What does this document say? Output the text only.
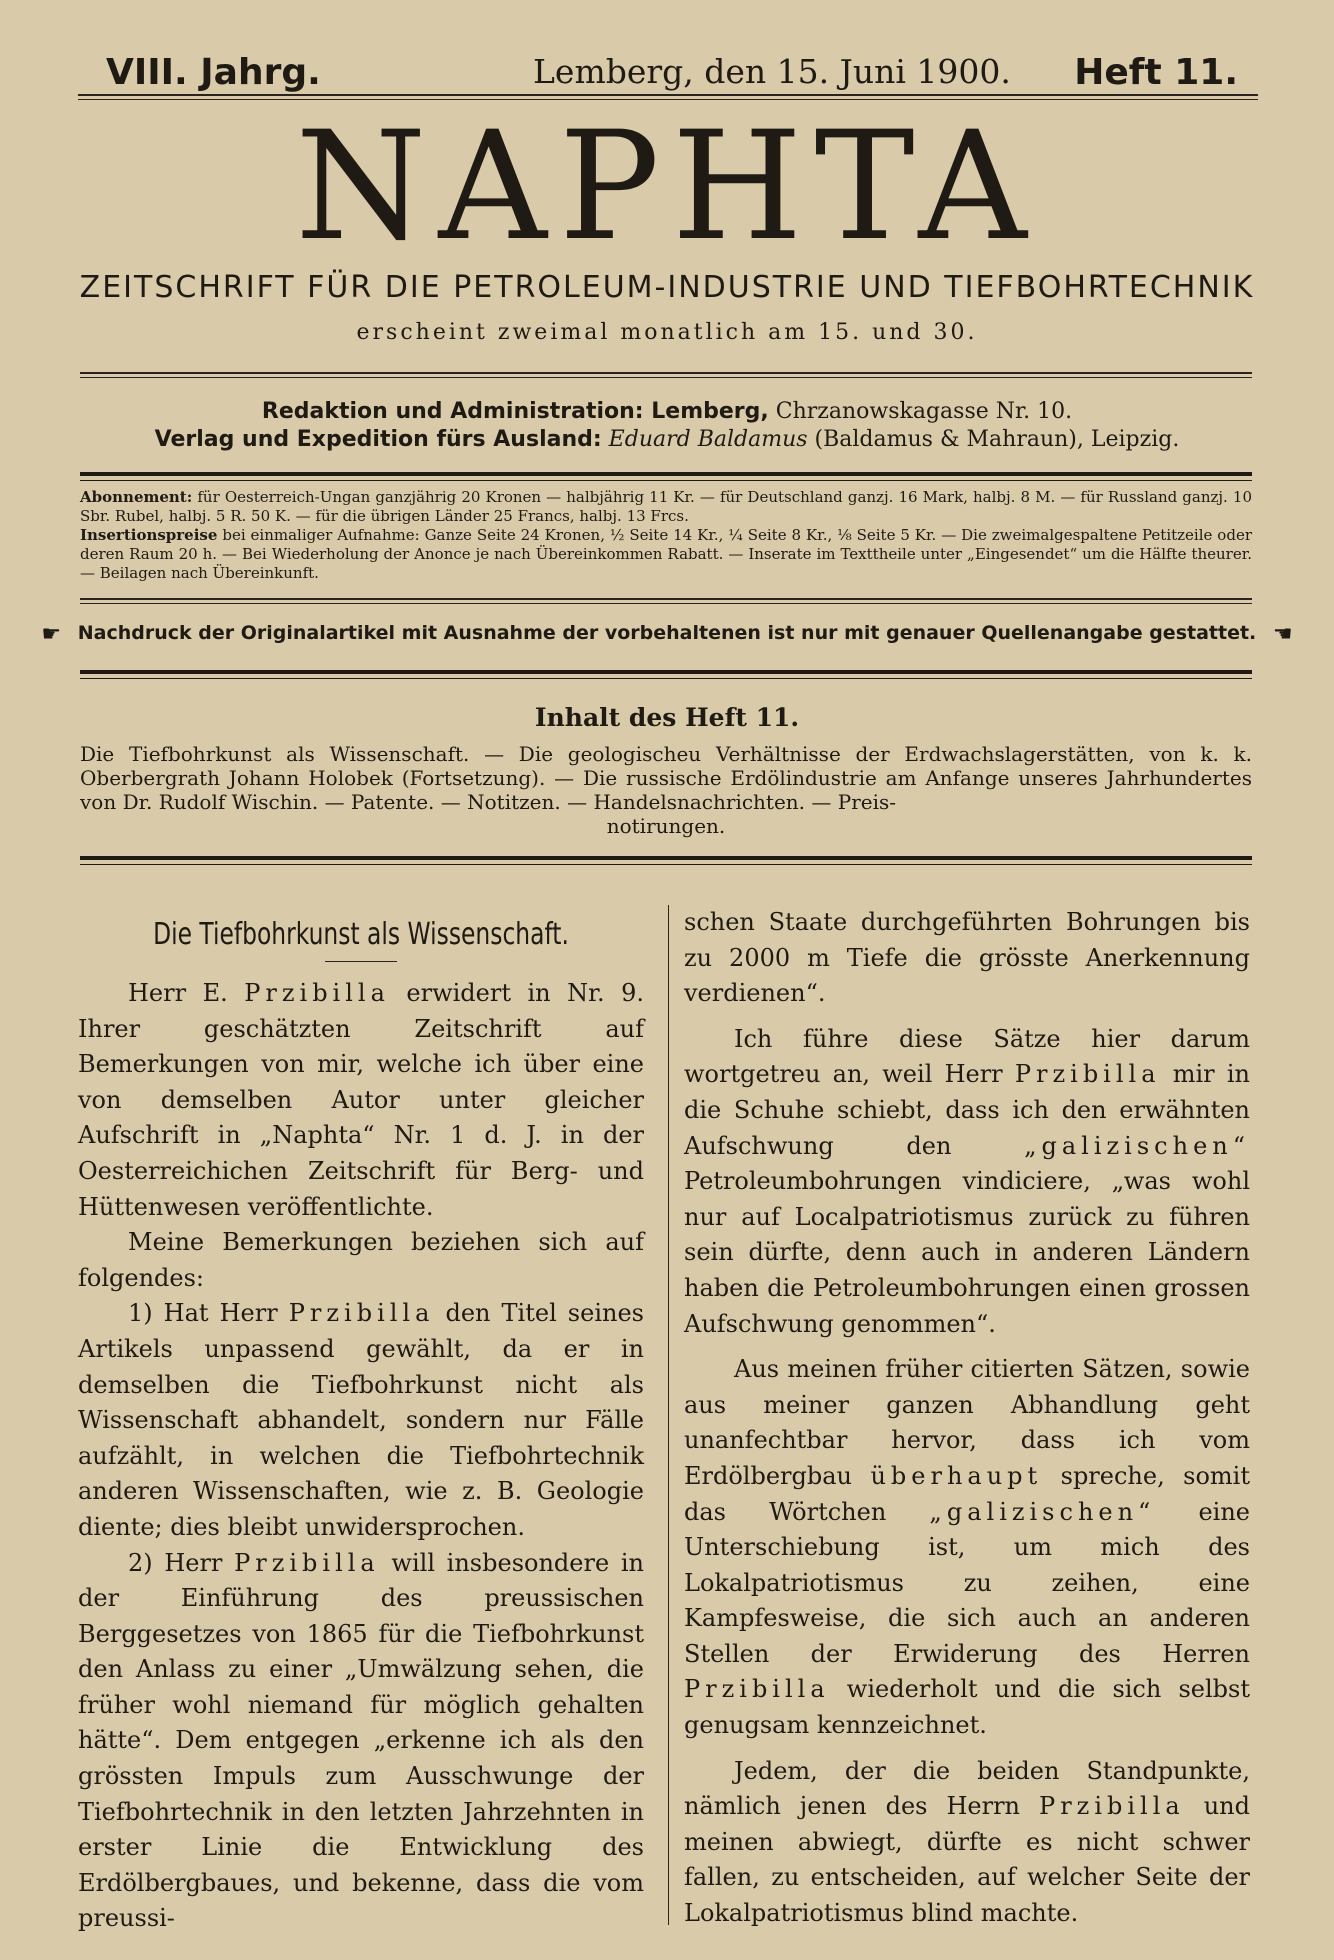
VIII. Jahrg.	Lemberg, den 15. Juni 1900. Heft 11.
NAPHTA
ZEITSCHRIFT FÜR DIE PETROLEUM-INDUSTRIE UND TIEFBOHRTECHNIK
erscheint zweimal monatlich am 15. und 30.
Redaktion und Administration: Lemberg, Chrzanowskagasse Nr. 10.
Verlag und Expedition fürs Ausland: Eduard Baldamus (Baldamus & Mahraun), Leipzig.
Abonnement: für Oesterreich-Ungan ganzjährig 20 Kronen — halbjährig 11 Kr. — für Deutschland ganzj. 16 Mark, halbj. 8 M. — für Russland ganzj. 10 Sbr. Rubel, halbj. 5 R. 50 K. — für die übrigen Länder 25 Francs, halbj. 13 Frcs.
Insertionspreise bei einmaliger Aufnahme: Ganze Seite 24 Kronen, ½ Seite 14 Kr., ¼ Seite 8 Kr., ⅛ Seite 5 Kr. — Die zweimalgespaltene Petitzeile oder deren Raum 20 h. — Bei Wiederholung der Anonce je nach Übereinkommen Rabatt. — Inserate im Texttheile unter „Eingesendet“ um die Hälfte theurer. — Beilagen nach Übereinkunft.
☛ Nachdruck der Originalartikel mit Ausnahme der vorbehaltenen ist nur mit genauer Quellenangabe gestattet. ☚
Inhalt des Heft 11.
Die Tiefbohrkunst als Wissenschaft. — Die geologischeu Verhältnisse der Erdwachslagerstätten, von k. k. Oberbergrath Johann Holobek (Fortsetzung). — Die russische Erdölindustrie am Anfange unseres Jahrhundertes von Dr. Rudolf Wischin. — Patente. — Notitzen. — Handelsnachrichten. — Preis-
notirungen.
Die Tiefbohrkunst als Wissenschaft.

Herr E. Przibilla erwidert in Nr. 9. Ihrer geschätzten Zeitschrift auf Bemerkungen von mir, welche ich über eine von demselben Autor unter gleicher Aufschrift in „Naphta“ Nr. 1 d. J. in der Oesterreichichen Zeitschrift für Berg- und Hüttenwesen veröffentlichte.

Meine Bemerkungen beziehen sich auf folgendes:

1) Hat Herr Przibilla den Titel seines Artikels unpassend gewählt, da er in demselben die Tiefbohrkunst nicht als Wissenschaft abhandelt, sondern nur Fälle aufzählt, in welchen die Tiefbohrtechnik anderen Wissenschaften, wie z. B. Geologie diente; dies bleibt unwidersprochen.

2) Herr Przibilla will insbesondere in der Einführung des preussischen Berggesetzes von 1865 für die Tiefbohrkunst den Anlass zu einer „Umwälzung sehen, die früher wohl niemand für möglich gehalten hätte“. Dem entgegen „erkenne ich als den grössten Impuls zum Ausschwunge der Tiefbohrtechnik in den letzten Jahrzehnten in erster Linie die Entwicklung des Erdölbergbaues, und bekenne, dass die vom preussi-

schen Staate durchgeführten Bohrungen bis zu 2000 m Tiefe die grösste Anerkennung verdienen“.

Ich führe diese Sätze hier darum wortgetreu an, weil Herr Przibilla mir in die Schuhe schiebt, dass ich den erwähnten Aufschwung den	„galizischen“ Petroleumbohrungen vindiciere, „was wohl nur auf Localpatriotismus zurück zu führen sein dürfte, denn auch in anderen Ländern haben die Petroleumbohrungen einen grossen Aufschwung genommen“.

Aus meinen früher citierten Sätzen, sowie aus meiner ganzen Abhandlung geht unanfechtbar hervor, dass ich vom Erdölbergbau überhaupt spreche, somit das Wörtchen „galizischen“ eine Unterschiebung ist, um mich des Lokalpatriotismus zu zeihen, eine Kampfesweise, die sich auch an anderen Stellen der Erwiderung des Herren Przibilla wiederholt und die sich selbst genugsam kennzeichnet.

Jedem, der die beiden Standpunkte, nämlich jenen des Herrn Przibilla und meinen abwiegt, dürfte es nicht schwer fallen, zu entscheiden, auf welcher Seite der Lokalpatriotismus blind machte.
